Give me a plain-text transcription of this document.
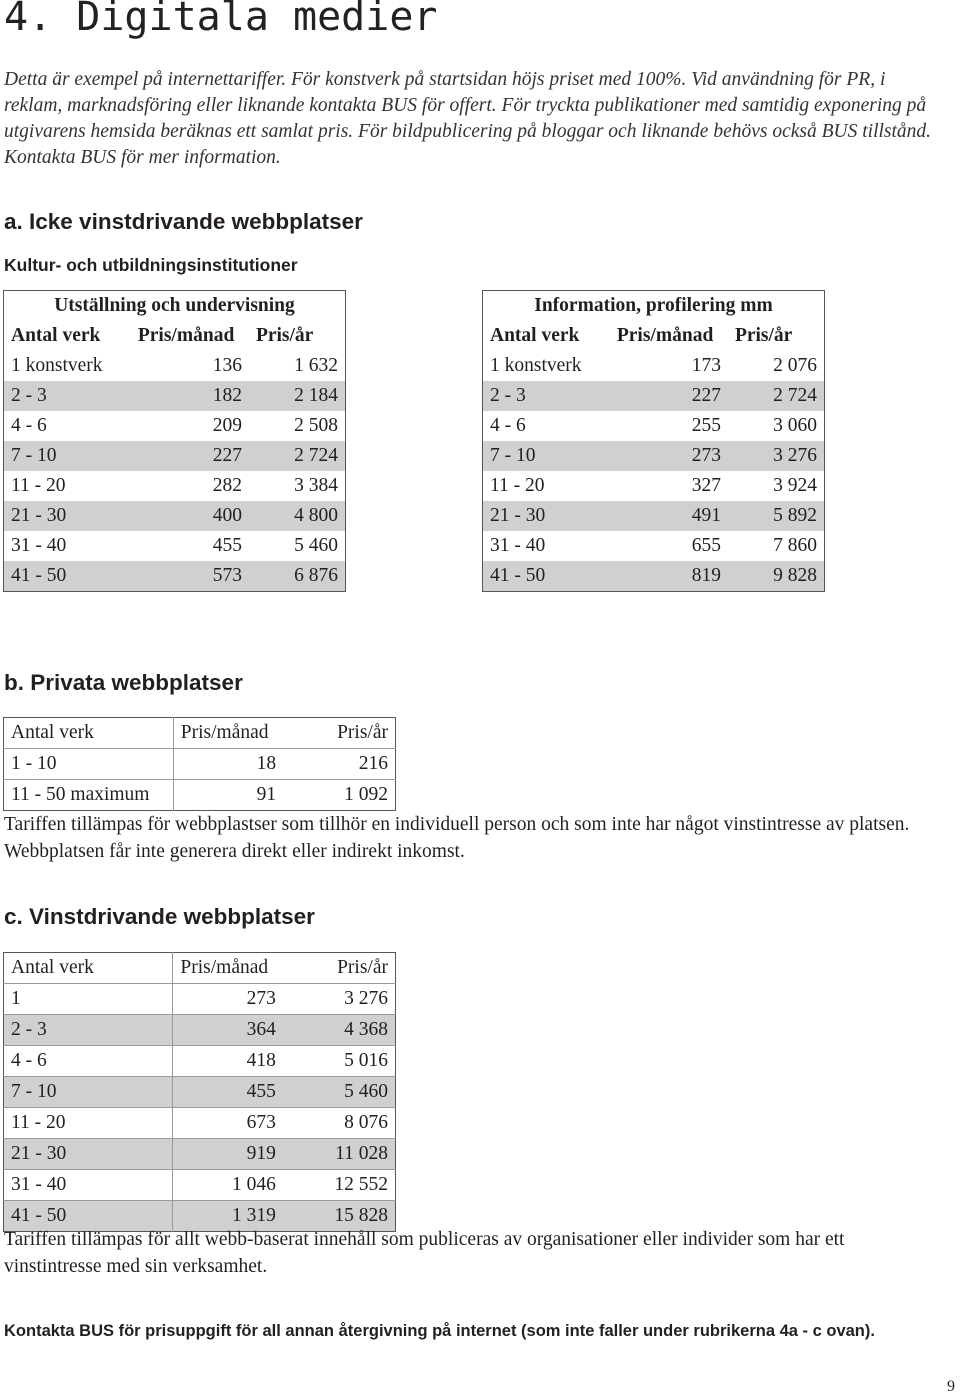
4. Digitala medier

Detta är exempel på internettariffer. För konstverk på startsidan höjs priset med 100%. Vid användning för PR, i reklam, marknadsföring eller liknande kontakta BUS för offert. För tryckta publikationer med samtidig exponering på utgivarens hemsida beräknas ett samlat pris. För bildpublicering på bloggar och liknande behövs också BUS tillstånd. Kontakta BUS för mer information.

a. Icke vinstdrivande webbplatser
Kultur- och utbildningsinstitutioner
Utställning och undervisning		
Antal verk	Pris/månad	Pris/år
1 konstverk	136	1 632
2 - 3	182	2 184
4 - 6	209	2 508
7 - 10	227	2 724
11 - 20	282	3 384
21 - 30	400	4 800
31 - 40	455	5 460
41 - 50	573	6 876
Information, profilering mm		
Antal verk	Pris/månad	Pris/år
1 konstverk	173	2 076
2 - 3	227	2 724
4 - 6	255	3 060
7 - 10	273	3 276
11 - 20	327	3 924
21 - 30	491	5 892
31 - 40	655	7 860
41 - 50	819	9 828
b. Privata webbplatser
Antal verk	Pris/månad	Pris/år
1 - 10	18	216
11 - 50 maximum	91	1 092

Tariffen tillämpas för webbplastser som tillhör en individuell person och som inte har något vinstintresse av platsen. Webbplatsen får inte generera direkt eller indirekt inkomst.

c. Vinstdrivande webbplatser
Antal verk	Pris/månad	Pris/år
1	273	3 276
2 - 3	364	4 368
4 - 6	418	5 016
7 - 10	455	5 460
11 - 20	673	8 076
21 - 30	919	11 028
31 - 40	1 046	12 552
41 - 50	1 319	15 828

Tariffen tillämpas för allt webb-baserat innehåll som publiceras av organisationer eller individer som har ett vinstintresse med sin verksamhet.

Kontakta BUS för prisuppgift för all annan återgivning på internet (som inte faller under rubrikerna 4a - c ovan).

9
